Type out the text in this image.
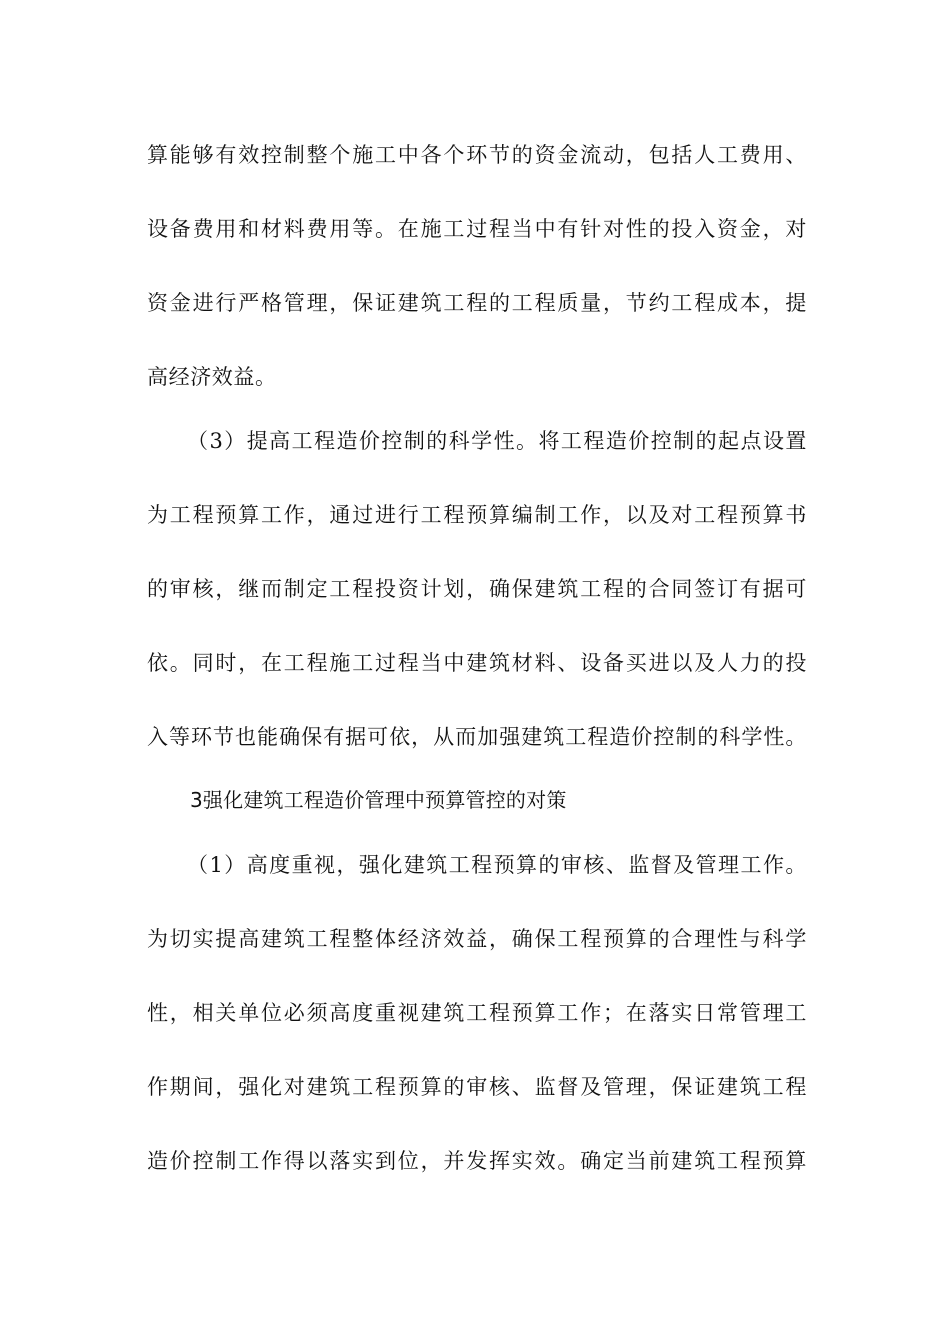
算能够有效控制整个施工中各个环节的资金流动，包括人工费用、
设备费用和材料费用等。在施工过程当中有针对性的投入资金，对
资金进行严格管理，保证建筑工程的工程质量，节约工程成本，提
高经济效益。
（3）提高工程造价控制的科学性。将工程造价控制的起点设置
为工程预算工作，通过进行工程预算编制工作，以及对工程预算书
的审核，继而制定工程投资计划，确保建筑工程的合同签订有据可
依。同时，在工程施工过程当中建筑材料、设备买进以及人力的投
入等环节也能确保有据可依，从而加强建筑工程造价控制的科学性。
3强化建筑工程造价管理中预算管控的对策
（1）高度重视，强化建筑工程预算的审核、监督及管理工作。
为切实提高建筑工程整体经济效益，确保工程预算的合理性与科学
性，相关单位必须高度重视建筑工程预算工作；在落实日常管理工
作期间，强化对建筑工程预算的审核、监督及管理，保证建筑工程
造价控制工作得以落实到位，并发挥实效。确定当前建筑工程预算
